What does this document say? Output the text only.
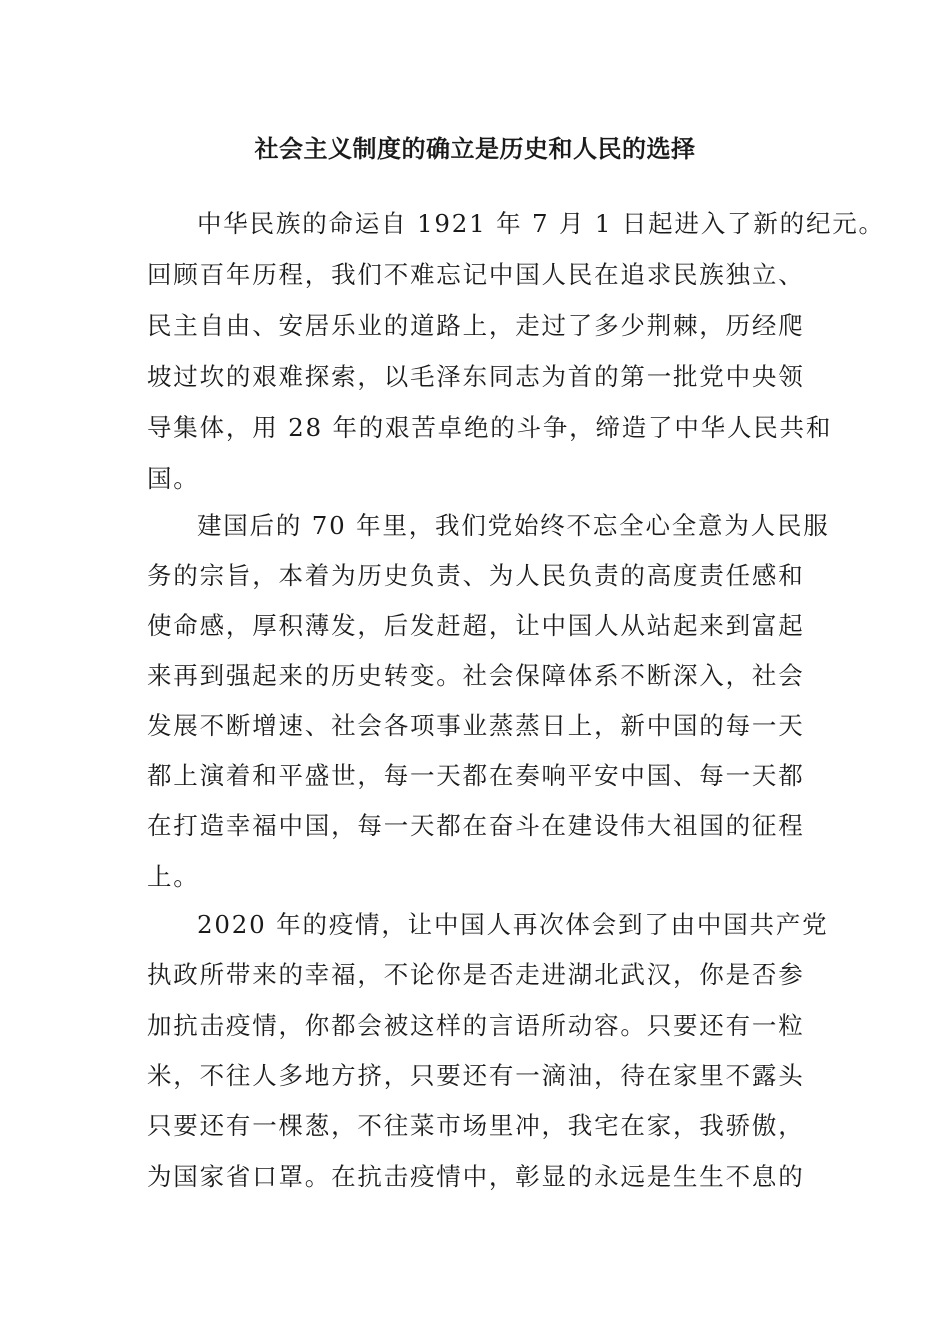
社会主义制度的确立是历史和人民的选择
中华民族的命运自 1921 年 7 月 1 日起进入了新的纪元。
回顾百年历程，我们不难忘记中国人民在追求民族独立、
民主自由、安居乐业的道路上，走过了多少荆棘，历经爬
坡过坎的艰难探索，以毛泽东同志为首的第一批党中央领
导集体，用 28 年的艰苦卓绝的斗争，缔造了中华人民共和
国。
建国后的 70 年里，我们党始终不忘全心全意为人民服
务的宗旨，本着为历史负责、为人民负责的高度责任感和
使命感，厚积薄发，后发赶超，让中国人从站起来到富起
来再到强起来的历史转变。社会保障体系不断深入，社会
发展不断增速、社会各项事业蒸蒸日上，新中国的每一天
都上演着和平盛世，每一天都在奏响平安中国、每一天都
在打造幸福中国，每一天都在奋斗在建设伟大祖国的征程
上。
2020 年的疫情，让中国人再次体会到了由中国共产党
执政所带来的幸福，不论你是否走进湖北武汉，你是否参
加抗击疫情，你都会被这样的言语所动容。只要还有一粒
米，不往人多地方挤，只要还有一滴油，待在家里不露头
只要还有一棵葱，不往菜市场里冲，我宅在家，我骄傲，
为国家省口罩。在抗击疫情中，彰显的永远是生生不息的
